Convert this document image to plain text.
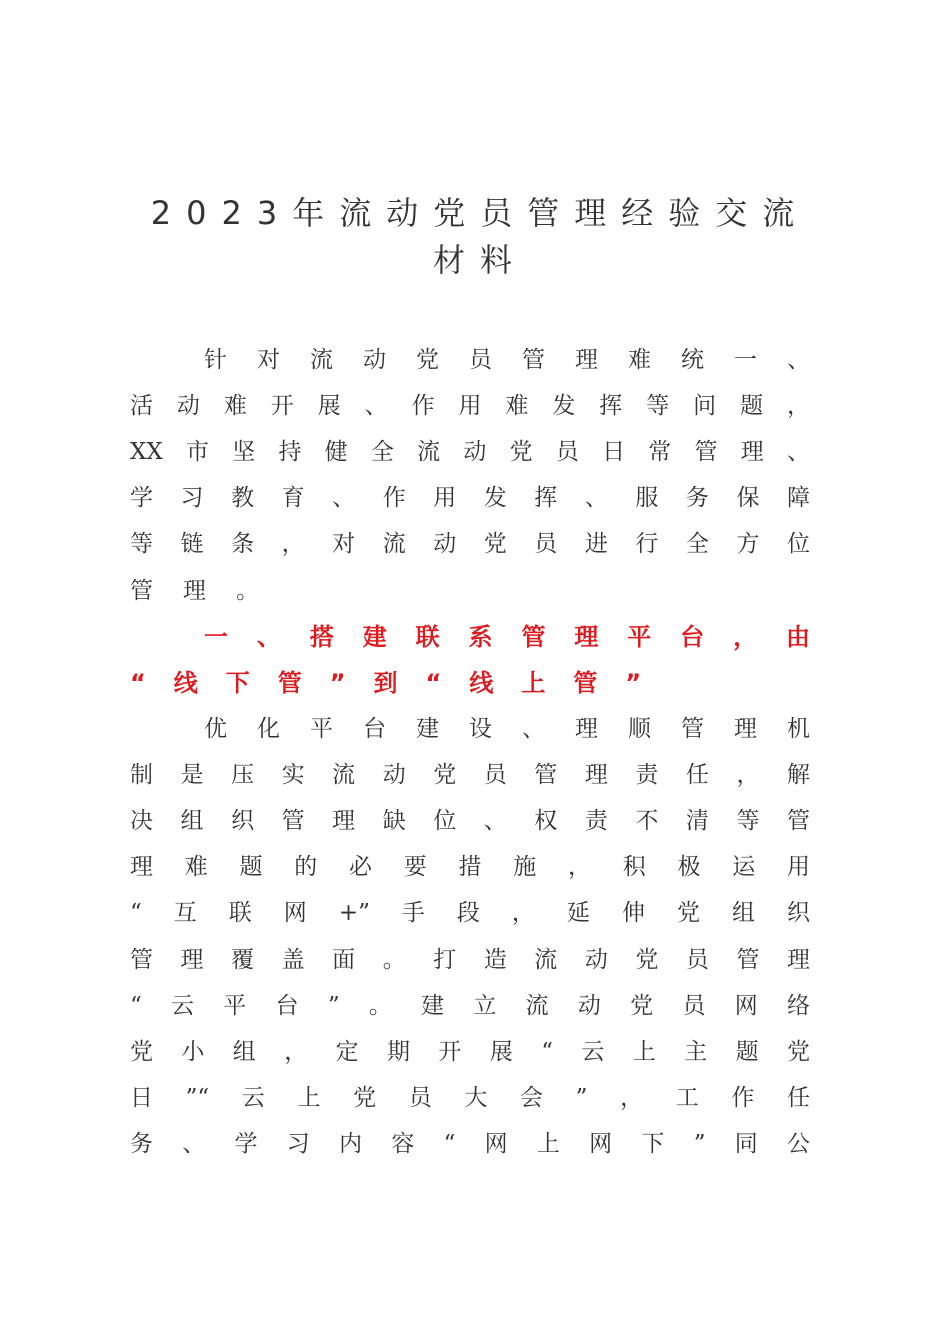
2023年流动党员管理经验交流
材料
针对流动党员管理难统一、
活动难开展、作用难发挥等问题，
XX市坚持健全流动党员日常管理、
学习教育、作用发挥、服务保障
等链条，对流动党员进行全方位
管理。
一、搭建联系管理平台，由
“线下管”到“线上管”
优化平台建设、理顺管理机
制是压实流动党员管理责任，解
决组织管理缺位、权责不清等管
理难题的必要措施，积极运用
“互联网+”手段，延伸党组织
管理覆盖面。打造流动党员管理
“云平台”。建立流动党员网络
党小组，定期开展“云上主题党
日”“云上党员大会”，工作任
务、学习内容“网上网下”同公
